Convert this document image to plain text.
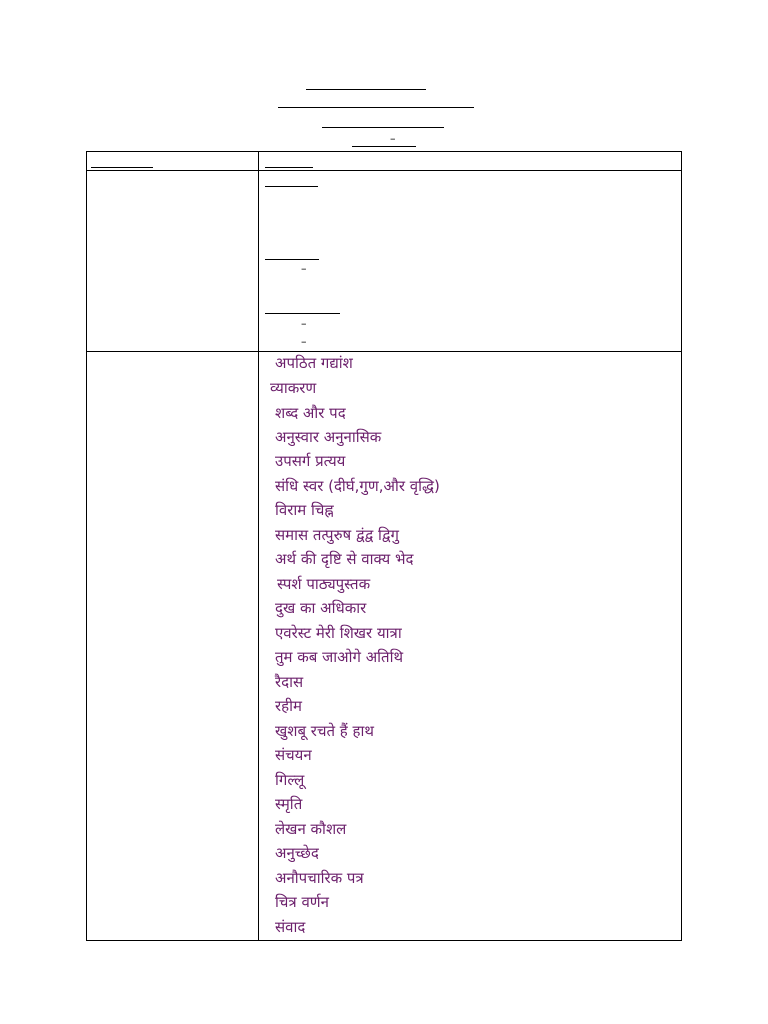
–
–
–
–
अपठित गद्यांश
व्याकरण
शब्द और पद
अनुस्वार अनुनासिक
उपसर्ग प्रत्यय
संधि स्वर (दीर्घ,गुण,और वृद्धि)
विराम चिह्न
समास तत्पुरुष द्वंद्व द्विगु
अर्थ की दृष्टि से वाक्य भेद
स्पर्श पाठ्यपुस्तक
दुख का अधिकार
एवरेस्ट मेरी शिखर यात्रा
तुम कब जाओगे अतिथि
रैदास
रहीम
खुशबू रचते हैं हाथ
संचयन
गिल्लू
स्मृति
लेखन कौशल
अनुच्छेद
अनौपचारिक पत्र
चित्र वर्णन
संवाद
